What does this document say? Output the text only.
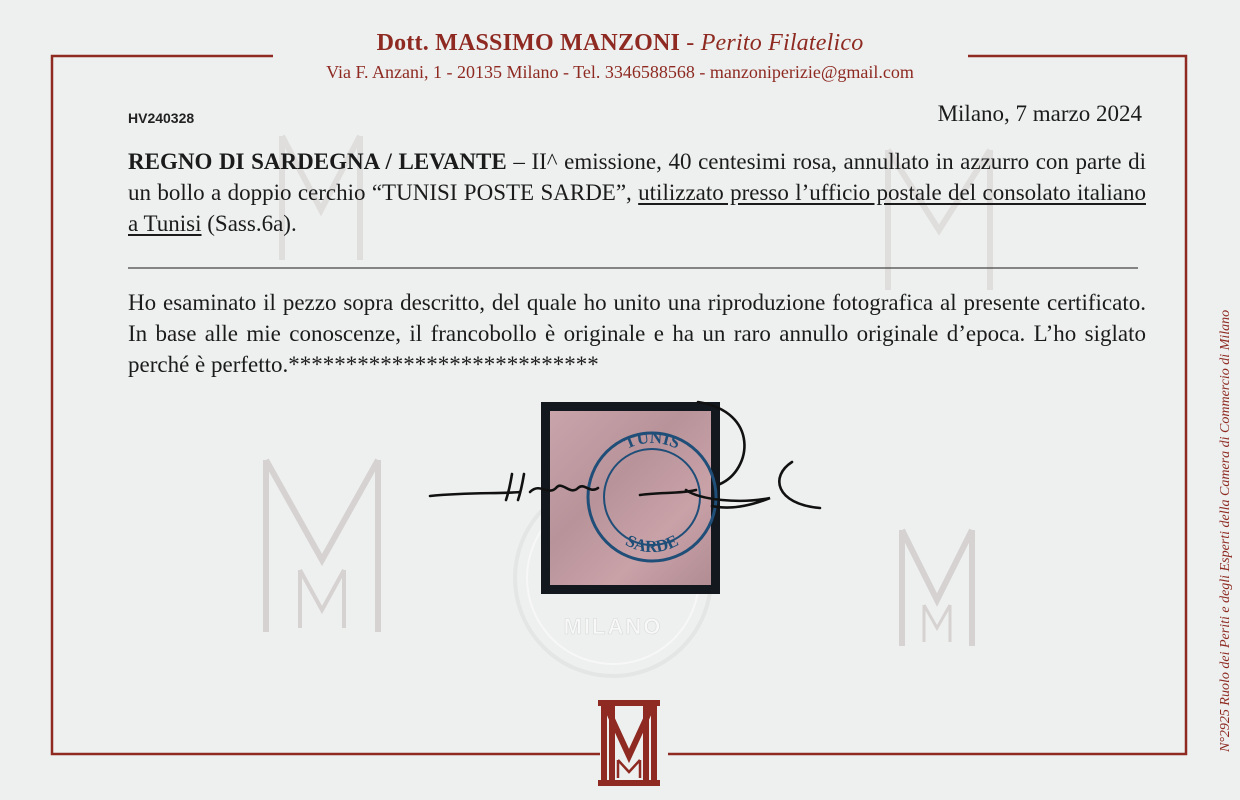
MILANO
Dott. MASSIMO MANZONI - Perito Filatelico
Via F. Anzani, 1 - 20135 Milano - Tel. 3346588568 - manzoniperizie@gmail.com
HV240328	Milano, 7 marzo 2024
REGNO DI SARDEGNA / LEVANTE – II^ emissione, 40 centesimi rosa, annullato in azzurro con parte di un bollo a doppio cerchio “TUNISI POSTE SARDE”, utilizzato presso l’ufficio postale del consolato italiano a Tunisi (Sass.6a).
Ho esaminato il pezzo sopra descritto, del quale ho unito una riproduzione fotografica al presente certificato. In base alle mie conoscenze, il francobollo è originale e ha un raro annullo originale d’epoca. L’ho siglato perché è perfetto.***************************
TUNIS
SARDE	N°2925 Ruolo dei Periti e degli Esperti della Camera di Commercio di Milano
